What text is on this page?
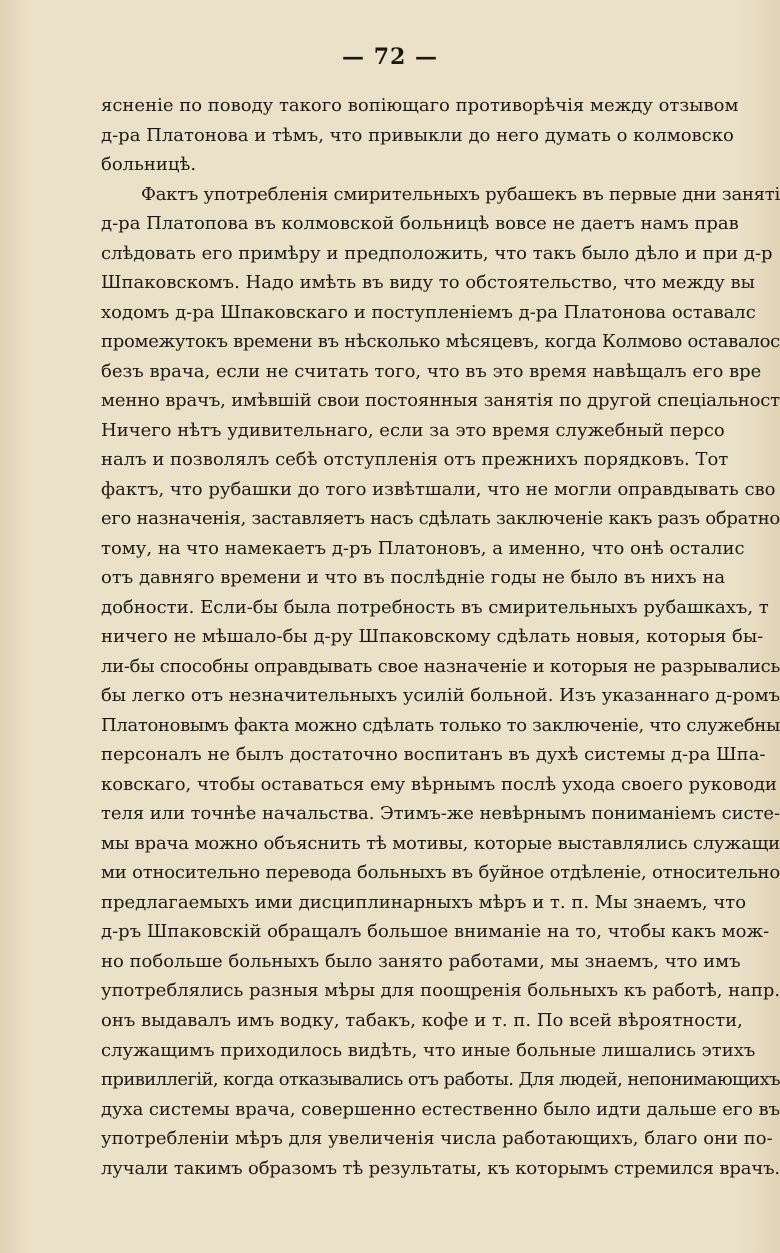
— 72 —
ясненіе по поводу такого вопіющаго противорѣчія между отзывом
д-ра Платонова и тѣмъ, что привыкли до него думать о колмовско
больницѣ.
Фактъ употребленія смирительныхъ рубашекъ въ первые дни заняті
д-ра Платопова въ колмовской больницѣ вовсе не даетъ намъ прав
слѣдовать его примѣру и предположить, что такъ было дѣло и при д-р
Шпаковскомъ. Надо имѣть въ виду то обстоятельство, что между вы
ходомъ д-ра Шпаковскаго и поступленіемъ д-ра Платонова оставалс
промежутокъ времени въ нѣсколько мѣсяцевъ, когда Колмово оставалос
безъ врача, если не считать того, что въ это время навѣщалъ его вре
менно врачъ, имѣвшій свои постоянныя занятія по другой спеціальност
Ничего нѣтъ удивительнаго, если за это время служебный персо
налъ и позволялъ себѣ отступленія отъ прежнихъ порядковъ. Тот
фактъ, что рубашки до того извѣтшали, что не могли оправдывать сво
его назначенія, заставляетъ насъ сдѣлать заключеніе какъ разъ обратно
тому, на что намекаетъ д-ръ Платоновъ, а именно, что онѣ осталис
отъ давняго времени и что въ послѣдніе годы не было въ нихъ на
добности. Если-бы была потребность въ смирительныхъ рубашкахъ, т
ничего не мѣшало-бы д-ру Шпаковскому сдѣлать новыя, которыя бы-
ли-бы способны оправдывать свое назначеніе и которыя не разрывались
бы легко отъ незначительныхъ усилій больной. Изъ указаннаго д-ромъ
Платоновымъ факта можно сдѣлать только то заключеніе, что служебны
персоналъ не былъ достаточно воспитанъ въ духѣ системы д-ра Шпа-
ковскаго, чтобы оставаться ему вѣрнымъ послѣ ухода своего руководи
теля или точнѣе начальства. Этимъ-же невѣрнымъ пониманіемъ систе-
мы врача можно объяснить тѣ мотивы, которые выставлялись служащи
ми относительно перевода больныхъ въ буйное отдѣленіе, относительно
предлагаемыхъ ими дисциплинарныхъ мѣръ и т. п. Мы знаемъ, что
д-ръ Шпаковскій обращалъ большое вниманіе на то, чтобы какъ мож-
но побольше больныхъ было занято работами, мы знаемъ, что имъ
употреблялись разныя мѣры для поощренія больныхъ къ работѣ, напр.
онъ выдавалъ имъ водку, табакъ, кофе и т. п. По всей вѣроятности,
служащимъ приходилось видѣть, что иные больные лишались этихъ
привиллегій, когда отказывались отъ работы. Для людей, непонимающихъ
духа системы врача, совершенно естественно было идти дальше его въ
употребленіи мѣръ для увеличенія числа работающихъ, благо они по-
лучали такимъ образомъ тѣ результаты, къ которымъ стремился врачъ.
